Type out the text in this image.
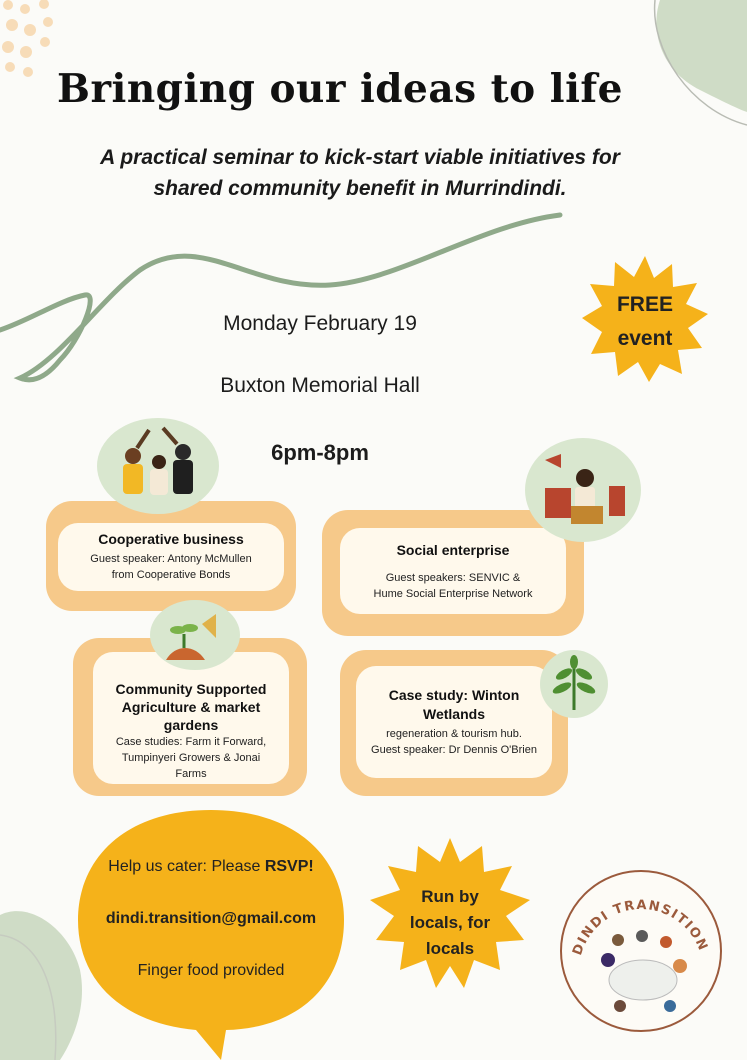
Bringing our ideas to life
A practical seminar to kick-start viable initiatives for
shared community benefit in Murrindindi.
FREE
event
Monday February 19
Buxton Memorial Hall
6pm-8pm
Cooperative business
Guest speaker: Antony McMullen
from Cooperative Bonds
Social enterprise
Guest speakers: SENVIC &
Hume Social Enterprise Network
Community Supported
Agriculture & market
gardens
Case studies: Farm it Forward,
Tumpinyeri Growers & Jonai
Farms
Case study: Winton
Wetlands
regeneration & tourism hub.
Guest speaker: Dr Dennis O'Brien
Help us cater: Please RSVP!
dindi.transition@gmail.com
Finger food provided
Run by
locals, for
locals	DINDI TRANSITION
